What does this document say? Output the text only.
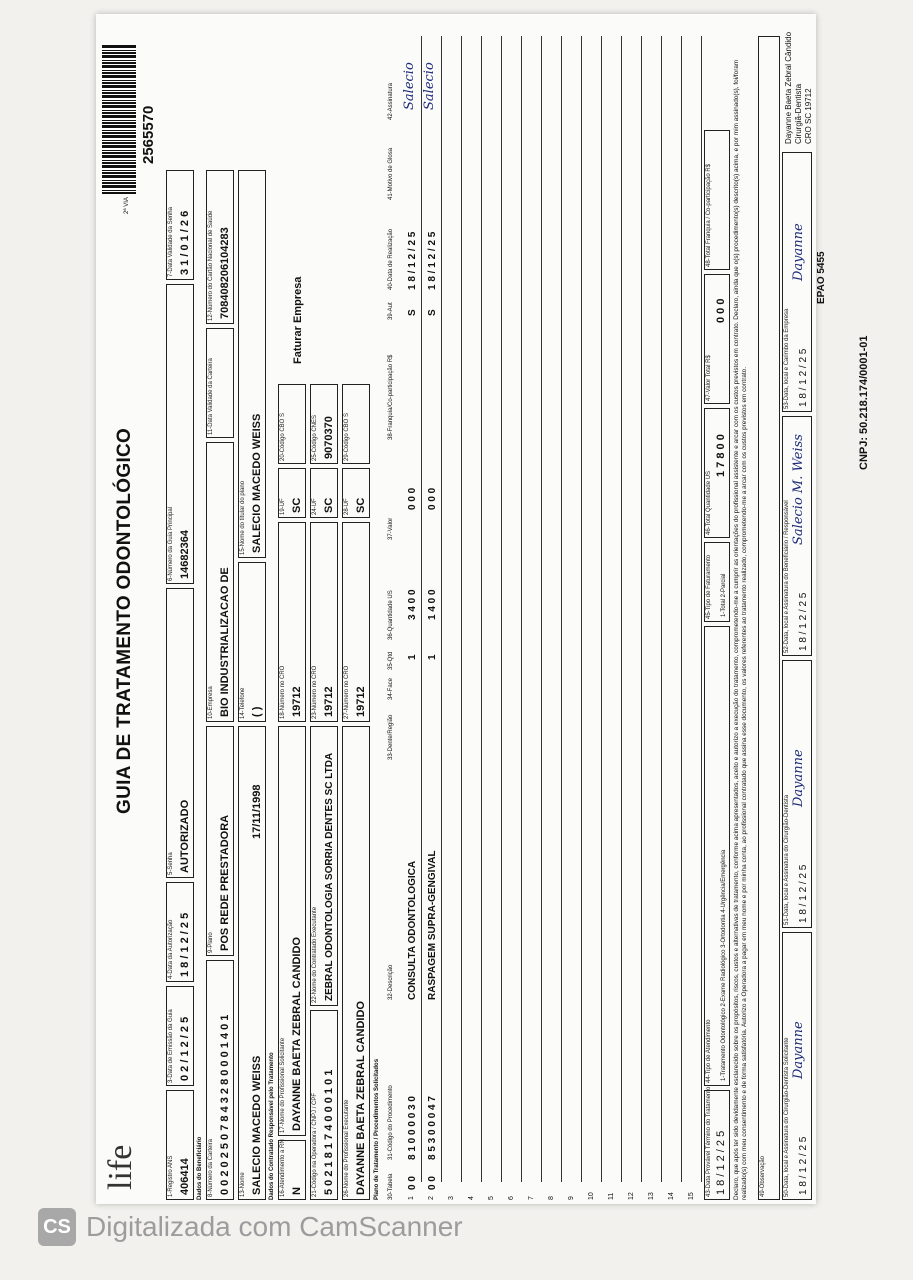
life
GUIA DE TRATAMENTO ODONTOLÓGICO
2ª VIA
2565570
1-Registro ANS 406414
3-Data de Emissão da Guia 0 2 / 1 2 / 2 5
4-Data da Autorização 1 8 / 1 2 / 2 5
5-Senha AUTORIZADO
6-Número da Guia Principal 14682364
7-Data Validade da Senha 3 1 / 0 1 / 2 6
Dados do Beneficiário 8-Número da Carteira 0 0 2 0 2 5 0 7 8 4 3 2 8 0 0 0 1 4 0 1
9-Plano POS REDE PRESTADORA
10-Empresa BIO INDUSTRIALIZACAO DE
11-Data Validade da Carteira
12-Número do Cartão Nacional de Saúde 708408206104283
13-Nome SALECIO MACEDO WEISS
17/11/1998
14-Telefone ( )
15-Nome do titular do plano SALECIO MACEDO WEISS
Dados do Contratado Responsável pelo Tratamento 16-Atendimento a RN N
17-Nome do Profissional Solicitante DAYANNE BAETA ZEBRAL CANDIDO
18-Número no CRO 19712
19-UF SC
20-Código CBO S
Faturar Empresa
21-Código na Operadora / CNPJ / CPF 5 0 2 1 8 1 7 4 0 0 0 1 0 1
22-Nome do Contratado Executante ZEBRAL ODONTOLOGIA SORRIA DENTES SC LTDA
23-Número no CRO 19712
24-UF SC
25-Código CNES 9070370
26-Nome do Profissional Executante DAYANNE BAETA ZEBRAL CANDIDO
27-Número no CRO 19712
28-UF SC
29-Código CBO S
Plano de Tratamento / Procedimentos Solicitados 30-Tabela
31-Código do Procedimento
32-Descrição
33-Dente/Região
34-Face
35-Qtd
36-Quantidade US
37-Valor
38-Franquia/Co-participação R$
39-Aut
40-Data de Realização
41-Motivo de Glosa
42-Assinatura
1
0 0
8 1 0 0 0 0 3 0
CONSULTA ODONTOLOGICA
1
3 4 0 0
0 0 0
S
1 8 / 1 2 / 2 5
Salecio
2
0 0
8 5 3 0 0 0 4 7
RASPAGEM SUPRA-GENGIVAL
1
1 4 0 0
0 0 0
S
1 8 / 1 2 / 2 5
Salecio
3 4 5 6 7 8 9 10 11 12 13 14 15 43-Data Provável Término do Tratamento 1 8 / 1 2 / 2 5
44-Tipo de Atendimento 1-Tratamento Odontológico 2-Exame Radiológico 3-Ortodontia 4-Urgência/Emergência
45-Tipo de Faturamento 1-Total 2-Parcial
46-Total Quantidade US
1 7 8 0 0
47-Valor Total R$
0 0 0
48-Total Franquia / Co-participação R$	Declaro, que após ter sido devidamente esclarecido sobre os propósitos, riscos, custos e alternativas de tratamento, conforme acima apresentados, aceito e autorizo a execução do tratamento, comprometendo-me a cumprir as orientações do profissional assistente e arcar com os custos previstos em contrato. Declaro, ainda que o(s) procedimento(s) descrito(s) acima, e por mim assinado(s), foi/foram realizado(s) com meu consentimento e de forma satisfatória. Autorizo a Operadora a pagar em meu nome e por minha conta, ao profissional contratado que assina esse documento, os valores referentes ao tratamento realizado, comprometendo-me a arcar com os custos previstos em contrato. 49-Observação	50-Data, local e Assinatura do Cirurgião-Dentista Solicitante 1 8 / 1 2 / 2 5
Dayanne
51-Data, local e Assinatura do Cirurgião-Dentista 1 8 / 1 2 / 2 5
Dayanne
52-Data, local e Assinatura do Beneficiário / Responsável 1 8 / 1 2 / 2 5
Salecio M. Weiss
53-Data, local e Carimbo da Empresa 1 8 / 1 2 / 2 5
Dayanne
Dayanne Baeta Zebral Cândido Cirurgiã-Dentista CRO SC 19712
EPAO 5455
CNPJ: 50.218.174/0001-01
CS Digitalizada com CamScanner
